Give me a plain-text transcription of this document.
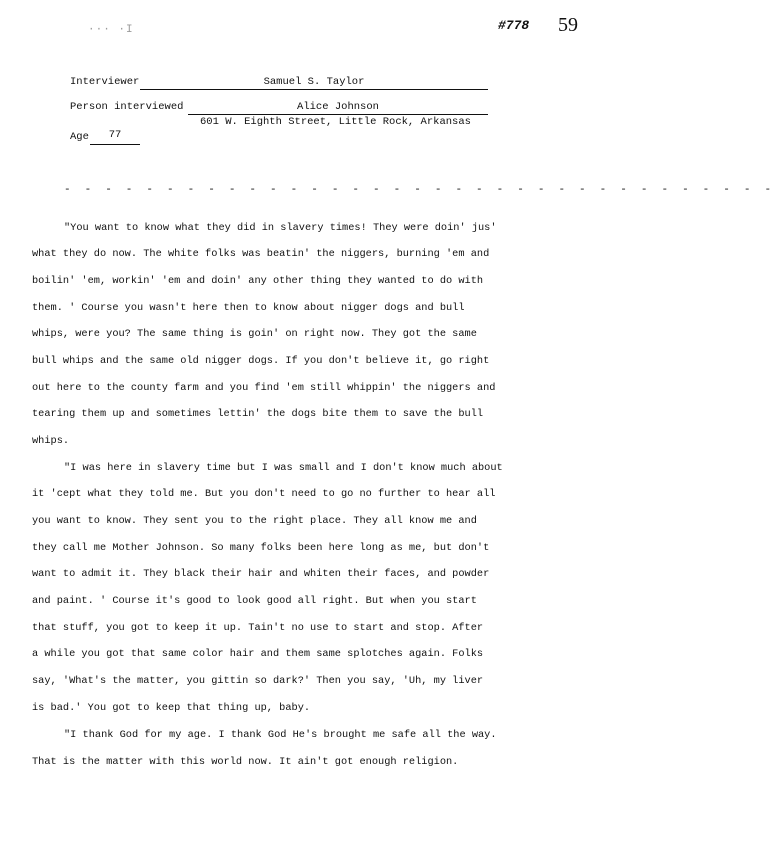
··· ·I	#778 59
Interviewer	Samuel S. Taylor
Person interviewed	Alice Johnson
601 W. Eighth Street, Little Rock, Arkansas
Age	77
- - - - - - - - - - - - - - - - - - - - - - - - - - - - - - - - - - -
"You want to know what they did in slavery times! They were doin' jus'
what they do now. The white folks was beatin' the niggers, burning 'em and
boilin' 'em, workin' 'em and doin' any other thing they wanted to do with
them. ' Course you wasn't here then to know about nigger dogs and bull
whips, were you? The same thing is goin' on right now. They got the same
bull whips and the same old nigger dogs. If you don't believe it, go right
out here to the county farm and you find 'em still whippin' the niggers and
tearing them up and sometimes lettin' the dogs bite them to save the bull
whips.
"I was here in slavery time but I was small and I don't know much about
it 'cept what they told me. But you don't need to go no further to hear all
you want to know. They sent you to the right place. They all know me and
they call me Mother Johnson. So many folks been here long as me, but don't
want to admit it. They black their hair and whiten their faces, and powder
and paint. ' Course it's good to look good all right. But when you start
that stuff, you got to keep it up. Tain't no use to start and stop. After
a while you got that same color hair and them same splotches again. Folks
say, 'What's the matter, you gittin so dark?' Then you say, 'Uh, my liver
is bad.' You got to keep that thing up, baby.
"I thank God for my age. I thank God He's brought me safe all the way.
That is the matter with this world now. It ain't got enough religion.
